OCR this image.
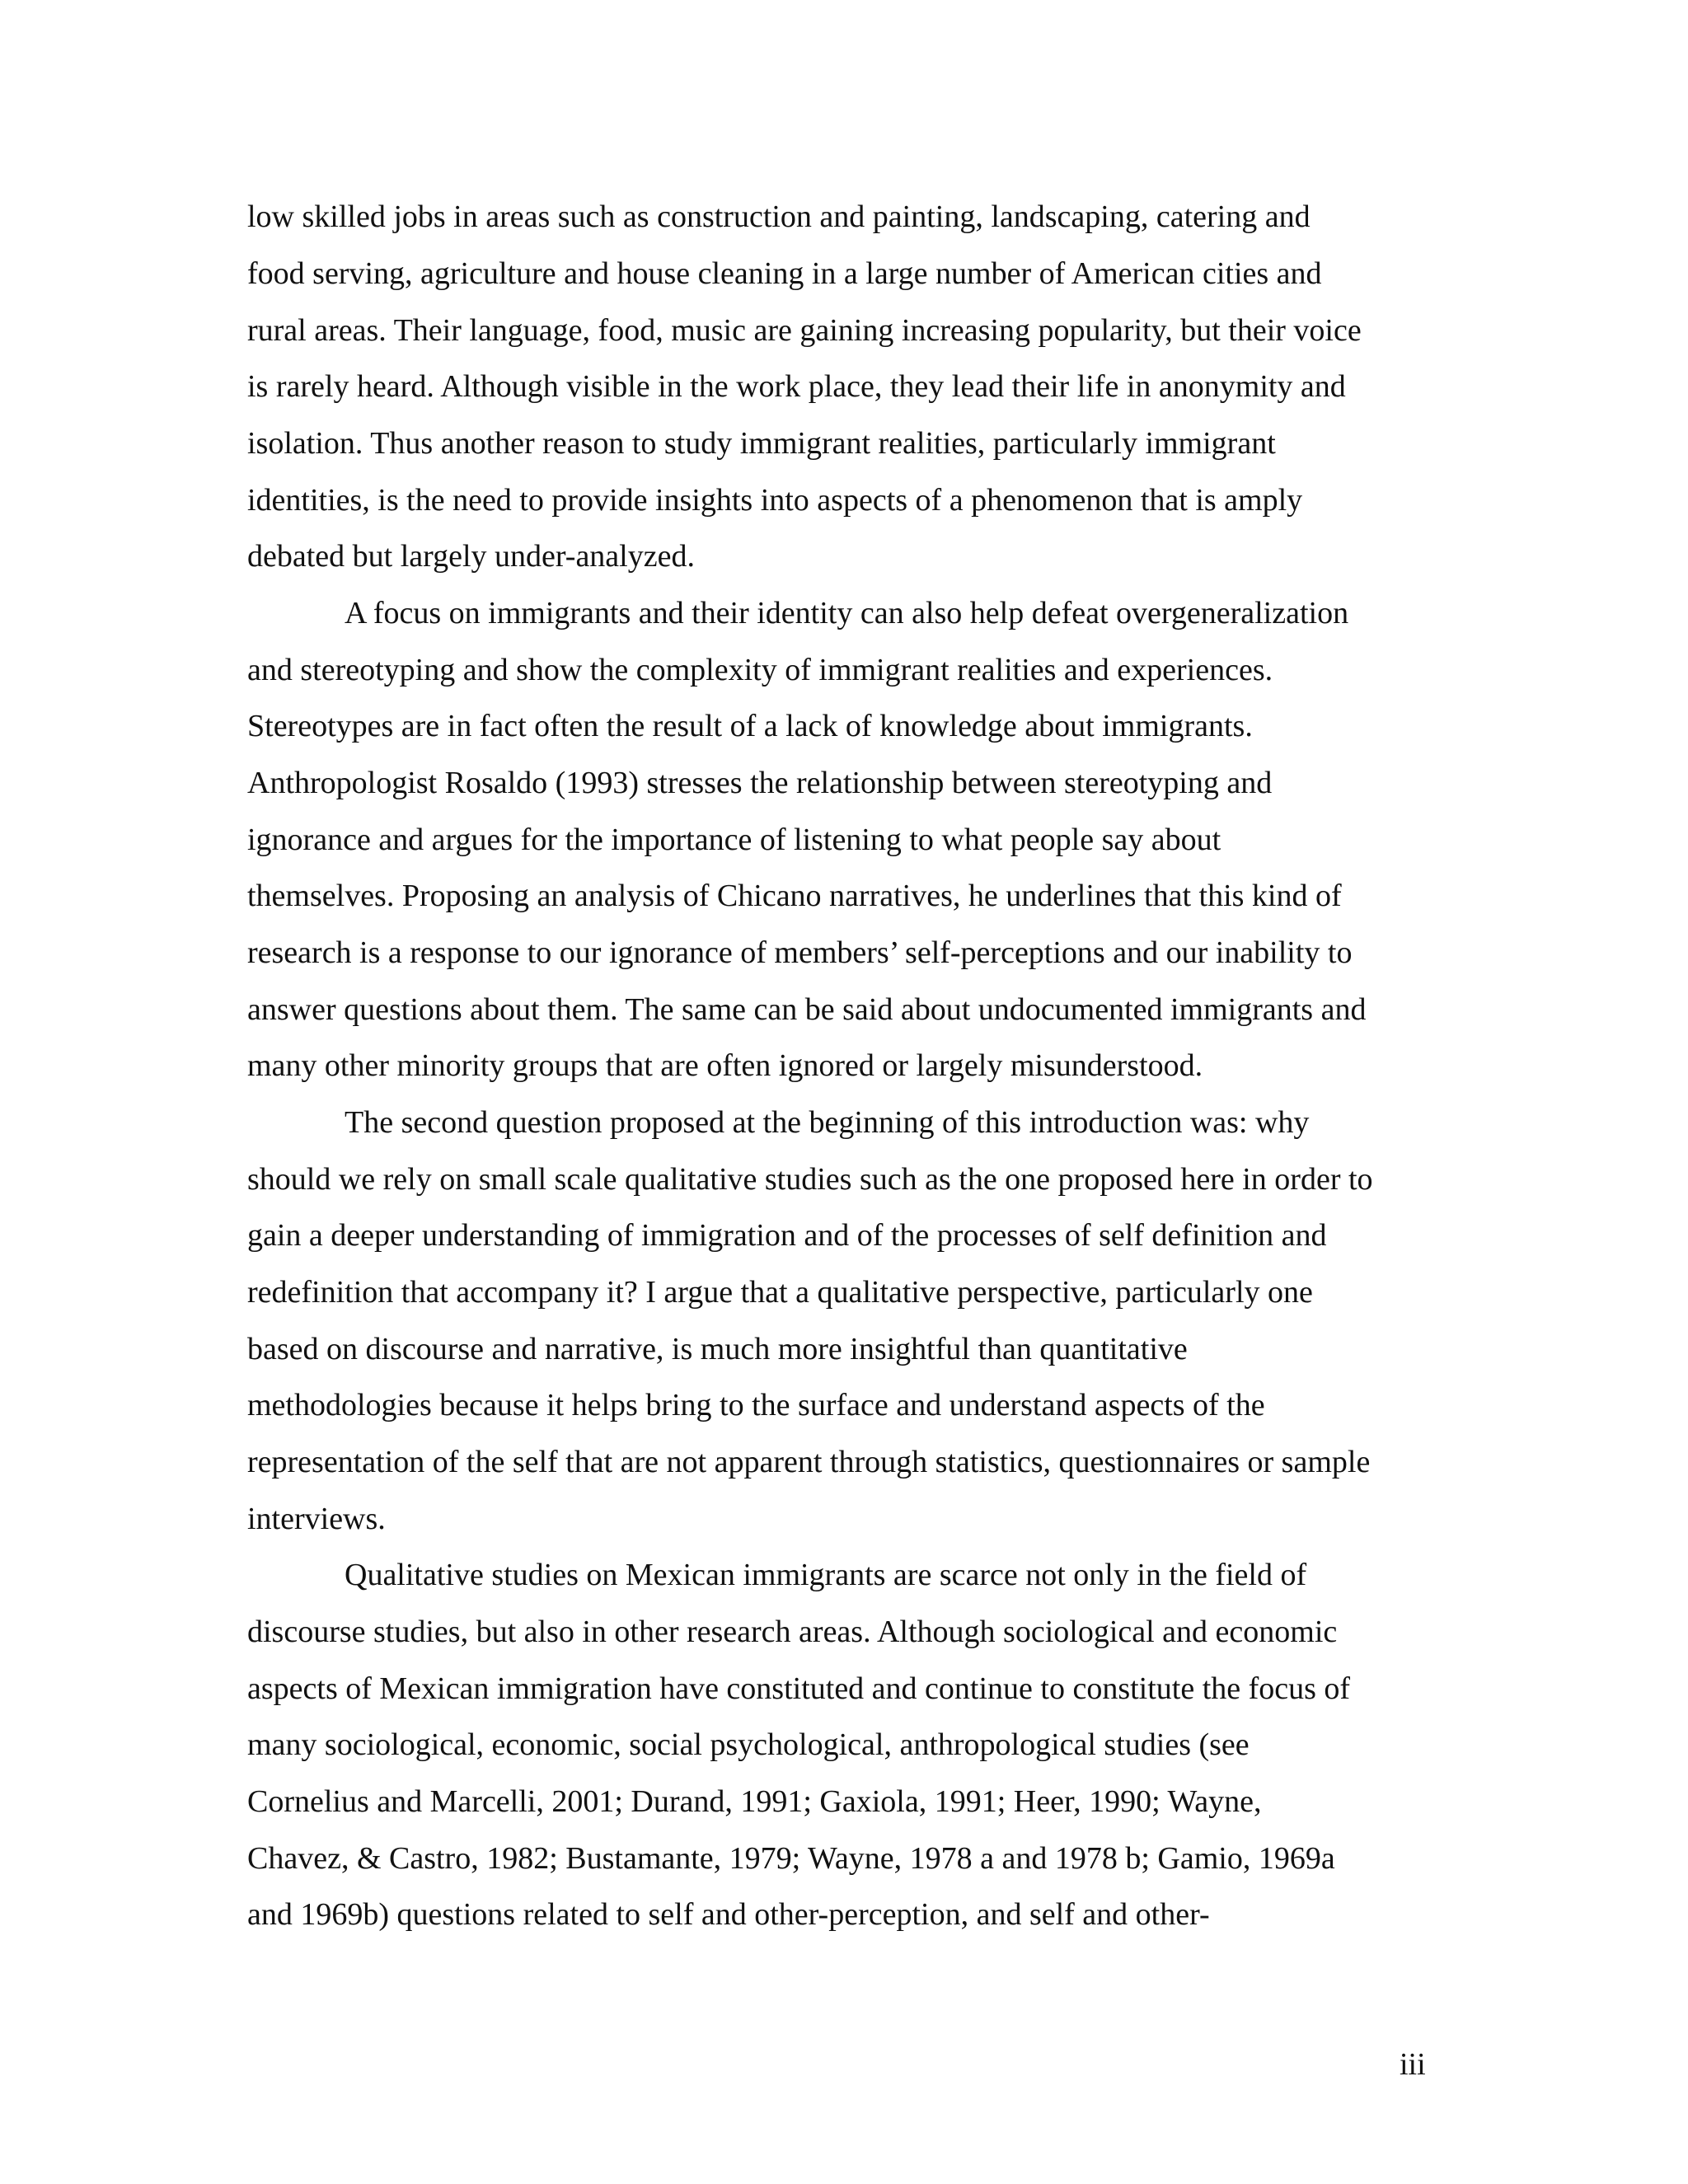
low skilled jobs in areas such as construction and painting, landscaping, catering and
food serving, agriculture and house cleaning in a large number of American cities and
rural areas. Their language, food, music are gaining increasing popularity, but their voice
is rarely heard. Although visible in the work place, they lead their life in anonymity and
isolation. Thus another reason to study immigrant realities, particularly immigrant
identities, is the need to provide insights into aspects of a phenomenon that is amply
debated but largely under-analyzed.
A focus on immigrants and their identity can also help defeat overgeneralization
and stereotyping and show the complexity of immigrant realities and experiences.
Stereotypes are in fact often the result of a lack of knowledge about immigrants.
Anthropologist Rosaldo (1993) stresses the relationship between stereotyping and
ignorance and argues for the importance of listening to what people say about
themselves. Proposing an analysis of Chicano narratives, he underlines that this kind of
research is a response to our ignorance of members’ self-perceptions and our inability to
answer questions about them. The same can be said about undocumented immigrants and
many other minority groups that are often ignored or largely misunderstood.
The second question proposed at the beginning of this introduction was: why
should we rely on small scale qualitative studies such as the one proposed here in order to
gain a deeper understanding of immigration and of the processes of self definition and
redefinition that accompany it? I argue that a qualitative perspective, particularly one
based on discourse and narrative, is much more insightful than quantitative
methodologies because it helps bring to the surface and understand aspects of the
representation of the self that are not apparent through statistics, questionnaires or sample
interviews.
Qualitative studies on Mexican immigrants are scarce not only in the field of
discourse studies, but also in other research areas. Although sociological and economic
aspects of Mexican immigration have constituted and continue to constitute the focus of
many sociological, economic, social psychological, anthropological studies (see
Cornelius and Marcelli, 2001; Durand, 1991; Gaxiola, 1991; Heer, 1990; Wayne,
Chavez, & Castro, 1982; Bustamante, 1979; Wayne, 1978 a and 1978 b; Gamio, 1969a
and 1969b) questions related to self and other-perception, and self and other-
iii
